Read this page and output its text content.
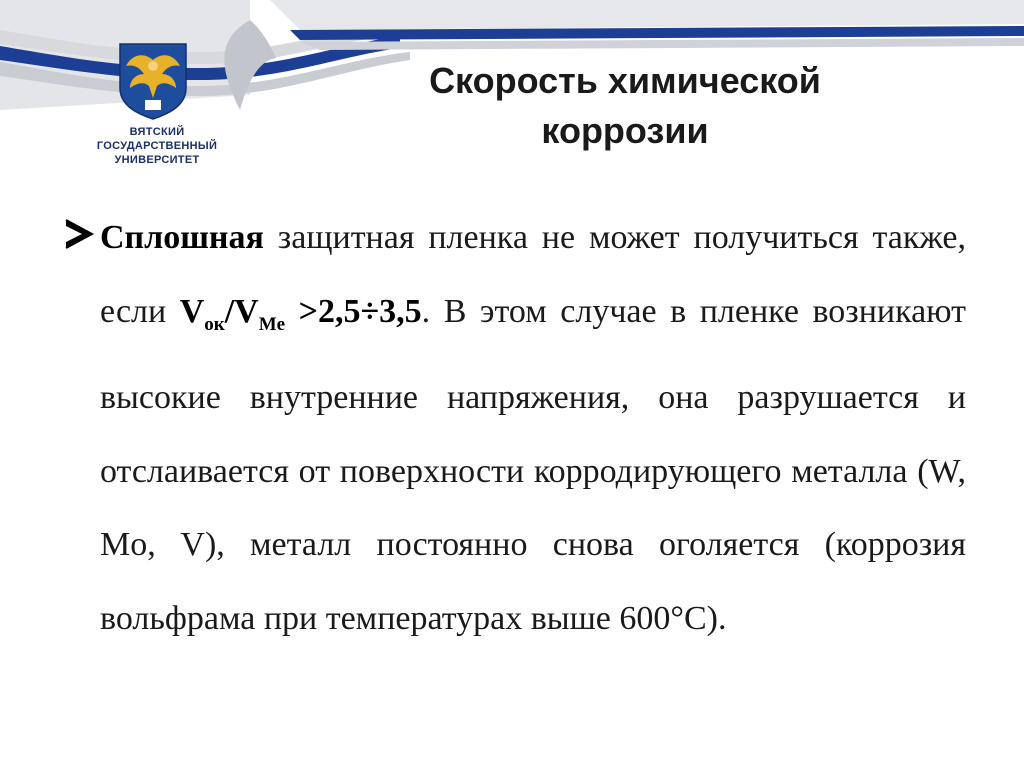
ВЯТСКИЙ
ГОСУДАРСТВЕННЫЙ
УНИВЕРСИТЕТ
Скорость химической
коррозии
Сплошная защитная пленка не может получиться также, если $V_{ок}/V_{Me} >2,5\div 3,5$. В этом случае в пленке возникают высокие внутренние напряжения, она разрушается и отслаивается от поверхности корродирующего металла (W, Mo, V), металл постоянно снова оголяется (коррозия вольфрама при температурах выше 600°С).
